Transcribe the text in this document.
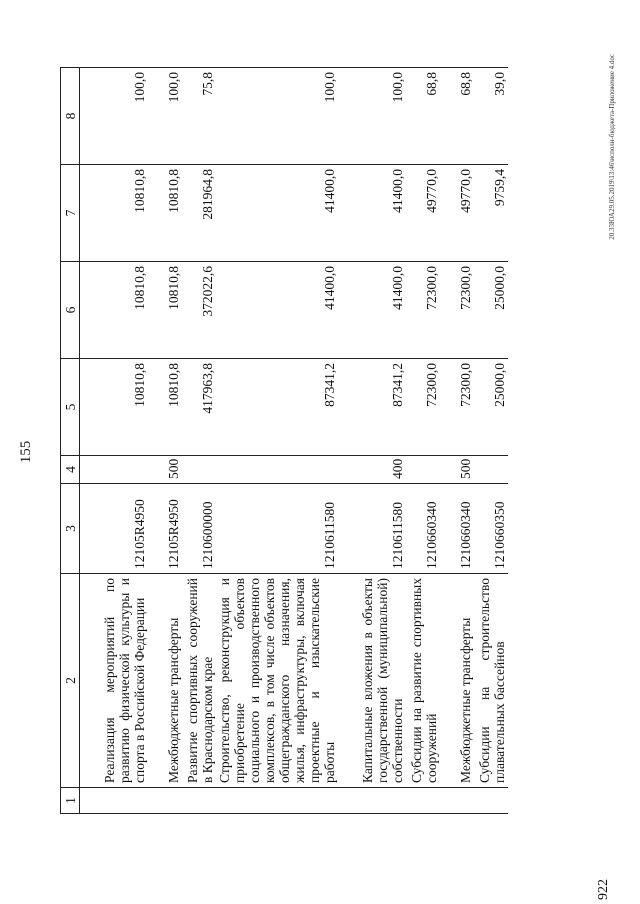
155
1	2	3	4	5	6	7	8
	Реализация мероприятий по развитию физической культуры и спорта в Российской Федерации	12105R4950		10810,8	10810,8	10810,8	100,0
	Межбюджетные трансферты	12105R4950	500	10810,8	10810,8	10810,8	100,0
	Развитие спортивных сооружений в Краснодарском крае	1210600000		417963,8	372022,6	281964,8	75,8
	Строительство, реконструкция и приобретение объектов социального и производственного комплексов, в том числе объектов общегражданского назначения, жилья, инфраструктуры, включая проектные и изыскательские работы	1210611580		87341,2	41400,0	41400,0	100,0
	Капитальные вложения в объекты государственной (муниципальной) собственности	1210611580	400	87341,2	41400,0	41400,0	100,0
	Субсидии на развитие спортивных сооружений	1210660340		72300,0	72300,0	49770,0	68,8
	Межбюджетные трансферты	1210660340	500	72300,0	72300,0	49770,0	68,8
	Субсидии на строительство плавательных бассейнов	1210660350		25000,0	25000,0	9759,4	39,0
922
20.33ЮА29.05.2019\13:46\исполн-бюджета-Приложение 4.doc
